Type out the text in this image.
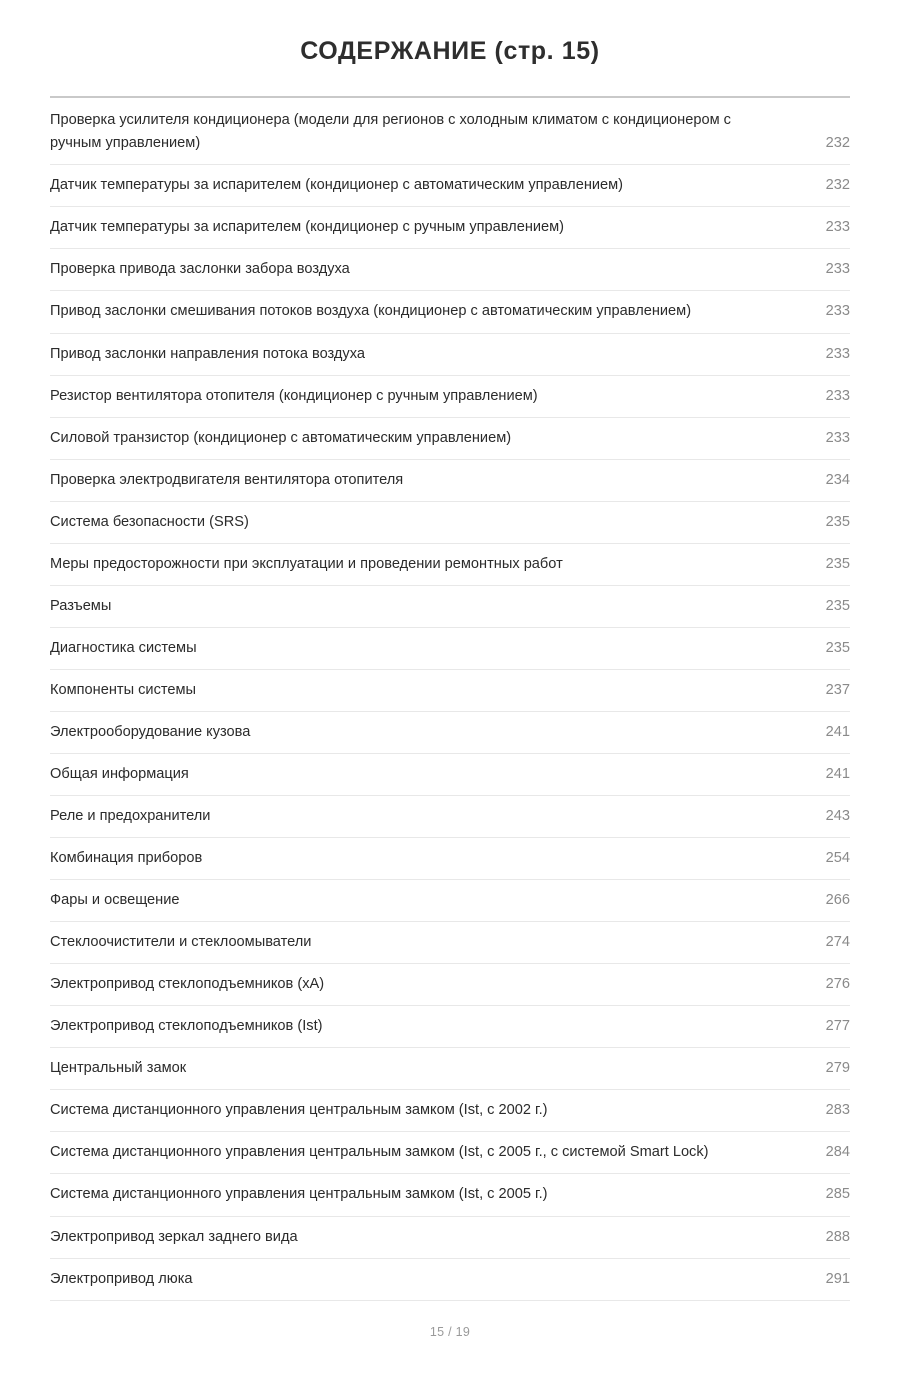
СОДЕРЖАНИЕ (стр. 15)
Проверка усилителя кондиционера (модели для регионов с холодным климатом с кондиционером с ручным управлением)	232
Датчик температуры за испарителем (кондиционер с автоматическим управлением)	232
Датчик температуры за испарителем (кондиционер с ручным управлением)	233
Проверка привода заслонки забора воздуха	233
Привод заслонки смешивания потоков воздуха (кондиционер с автоматическим управлением)	233
Привод заслонки направления потока воздуха	233
Резистор вентилятора отопителя (кондиционер с ручным управлением)	233
Силовой транзистор (кондиционер с автоматическим управлением)	233
Проверка электродвигателя вентилятора отопителя	234
Система безопасности (SRS)	235
Меры предосторожности при эксплуатации и проведении ремонтных работ	235
Разъемы	235
Диагностика системы	235
Компоненты системы	237
Электрооборудование кузова	241
Общая информация	241
Реле и предохранители	243
Комбинация приборов	254
Фары и освещение	266
Стеклоочистители и стеклоомыватели	274
Электропривод стеклоподъемников (xA)	276
Электропривод стеклоподъемников (Ist)	277
Центральный замок	279
Система дистанционного управления центральным замком (Ist, с 2002 г.)	283
Система дистанционного управления центральным замком (Ist, с 2005 г., с системой Smart Lock)	284
Система дистанционного управления центральным замком (Ist, с 2005 г.)	285
Электропривод зеркал заднего вида	288
Электропривод люка	291
15 / 19
